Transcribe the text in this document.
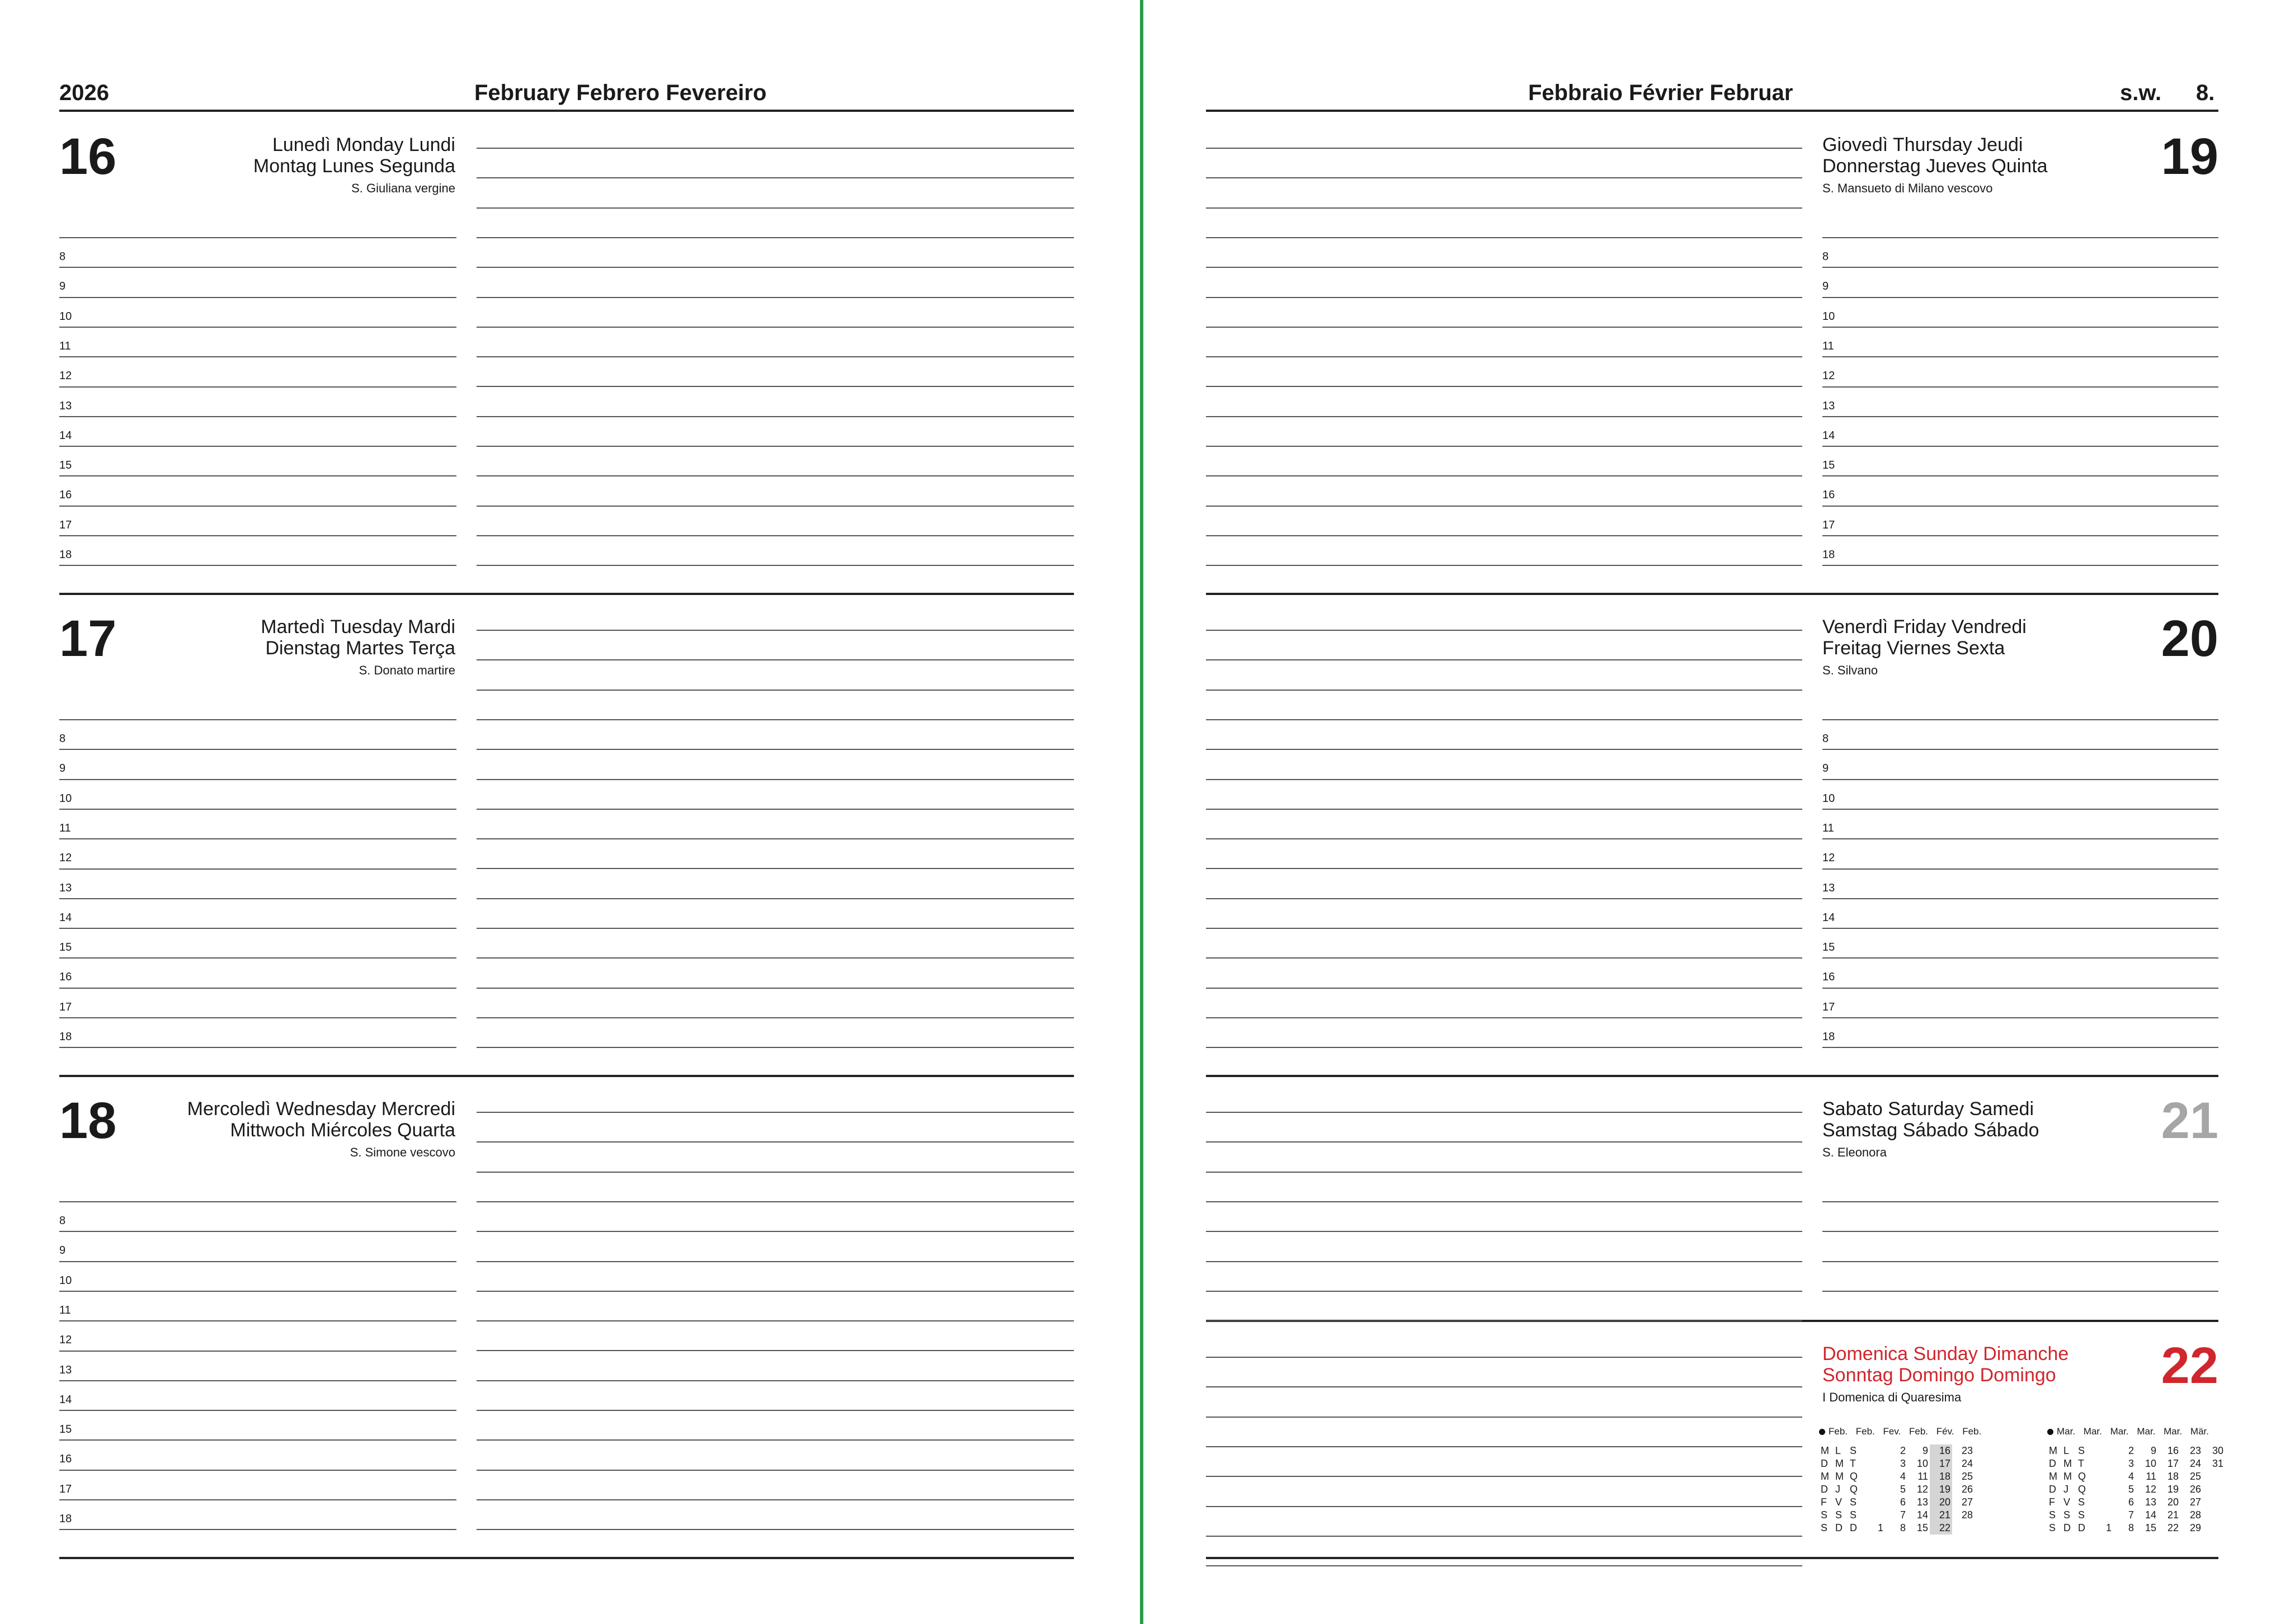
2026	February Febrero Fevereiro	Febbraio Février Februar	s.w. 8.
16	Lunedì Monday Lundi
Montag Lunes Segunda
S. Giuliana vergine
8
9
10
11
12
13
14
15
16
17
18
17	Martedì Tuesday Mardi
Dienstag Martes Terça
S. Donato martire
8
9
10
11
12
13
14
15
16
17
18
18	Mercoledì Wednesday Mercredi
Mittwoch Miércoles Quarta
S. Simone vescovo
8
9
10
11
12
13
14
15
16
17
18
Giovedì Thursday Jeudi
Donnerstag Jueves Quinta
S. Mansueto di Milano vescovo
19
8
9
10
11
12
13
14
15
16
17
18
Venerdì Friday Vendredi
Freitag Viernes Sexta
S. Silvano
20
8
9
10
11
12
13
14
15
16
17
18
Sabato Saturday Samedi
Samstag Sábado Sábado
S. Eleonora
21
Domenica Sunday Dimanche
Sonntag Domingo Domingo
I Domenica di Quaresima
22
Feb. Feb. Fev. Feb. Fév. Feb.
M	L	S		2	9	16	23
D	M	T		3	10	17	24
M	M	Q		4	11	18	25
D	J	Q		5	12	19	26
F	V	S		6	13	20	27
S	S	S		7	14	21	28
S	D	D	1	8	15	22	
Mar. Mar. Mar. Mar. Mar. Mär.
M	L	S		2	9	16	23	30
D	M	T		3	10	17	24	31
M	M	Q		4	11	18	25	
D	J	Q		5	12	19	26	
F	V	S		6	13	20	27	
S	S	S		7	14	21	28	
S	D	D	1	8	15	22	29	
